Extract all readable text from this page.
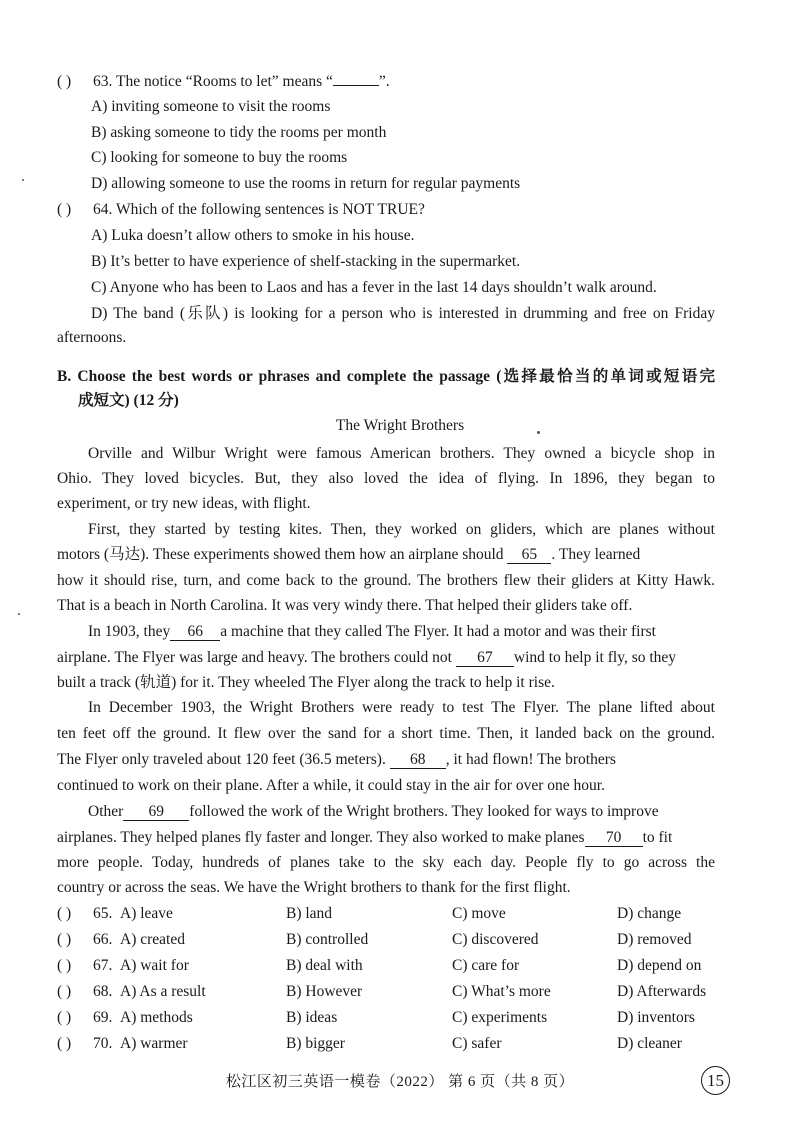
( ) 63. The notice “Rooms to let” means “	”.
A) inviting someone to visit the rooms
B) asking someone to tidy the rooms per month
C) looking for someone to buy the rooms
D) allowing someone to use the rooms in return for regular payments
( ) 64. Which of the following sentences is NOT TRUE?
A) Luka doesn’t allow others to smoke in his house.
B) It’s better to have experience of shelf-stacking in the supermarket.
C) Anyone who has been to Laos and has a fever in the last 14 days shouldn’t walk around.
D) The band (乐队) is looking for a person who is interested in drumming and free on Friday
afternoons.
B. Choose the best words or phrases and complete the passage (选择最恰当的单词或短语完
成短文) (12 分)
The Wright Brothers
Orville and Wilbur Wright were famous American brothers. They owned a bicycle shop in
Ohio. They loved bicycles. But, they also loved the idea of flying. In 1896, they began to
experiment, or try new ideas, with flight.
First, they started by testing kites. Then, they worked on gliders, which are planes without
motors (马达). These experiments showed them how an airplane should 65 . They learned
how it should rise, turn, and come back to the ground. The brothers flew their gliders at Kitty Hawk.
That is a beach in North Carolina. It was very windy there. That helped their gliders take off.
In 1903, they 66 a machine that they called The Flyer. It had a motor and was their first
airplane. The Flyer was large and heavy. The brothers could not 67 wind to help it fly, so they
built a track (轨道) for it. They wheeled The Flyer along the track to help it rise.
In December 1903, the Wright Brothers were ready to test The Flyer. The plane lifted about
ten feet off the ground. It flew over the sand for a short time. Then, it landed back on the ground.
The Flyer only traveled about 120 feet (36.5 meters). 68 , it had flown! The brothers
continued to work on their plane. After a while, it could stay in the air for over one hour.
Other 69 followed the work of the Wright brothers. They looked for ways to improve
airplanes. They helped planes fly faster and longer. They also worked to make planes 70 to fit
more people. Today, hundreds of planes take to the sky each day. People fly to go across the
country or across the seas. We have the Wright brothers to thank for the first flight.
( ) 65. A) leave	B) land	C) move	D) change
( ) 66. A) created	B) controlled	C) discovered	D) removed
( ) 67. A) wait for	B) deal with	C) care for	D) depend on
( ) 68. A) As a result	B) However	C) What’s more	D) Afterwards
( ) 69. A) methods	B) ideas	C) experiments	D) inventors
( ) 70. A) warmer	B) bigger	C) safer	D) cleaner
松江区初三英语一模卷（2022） 第 6 页（共 8 页）	15
